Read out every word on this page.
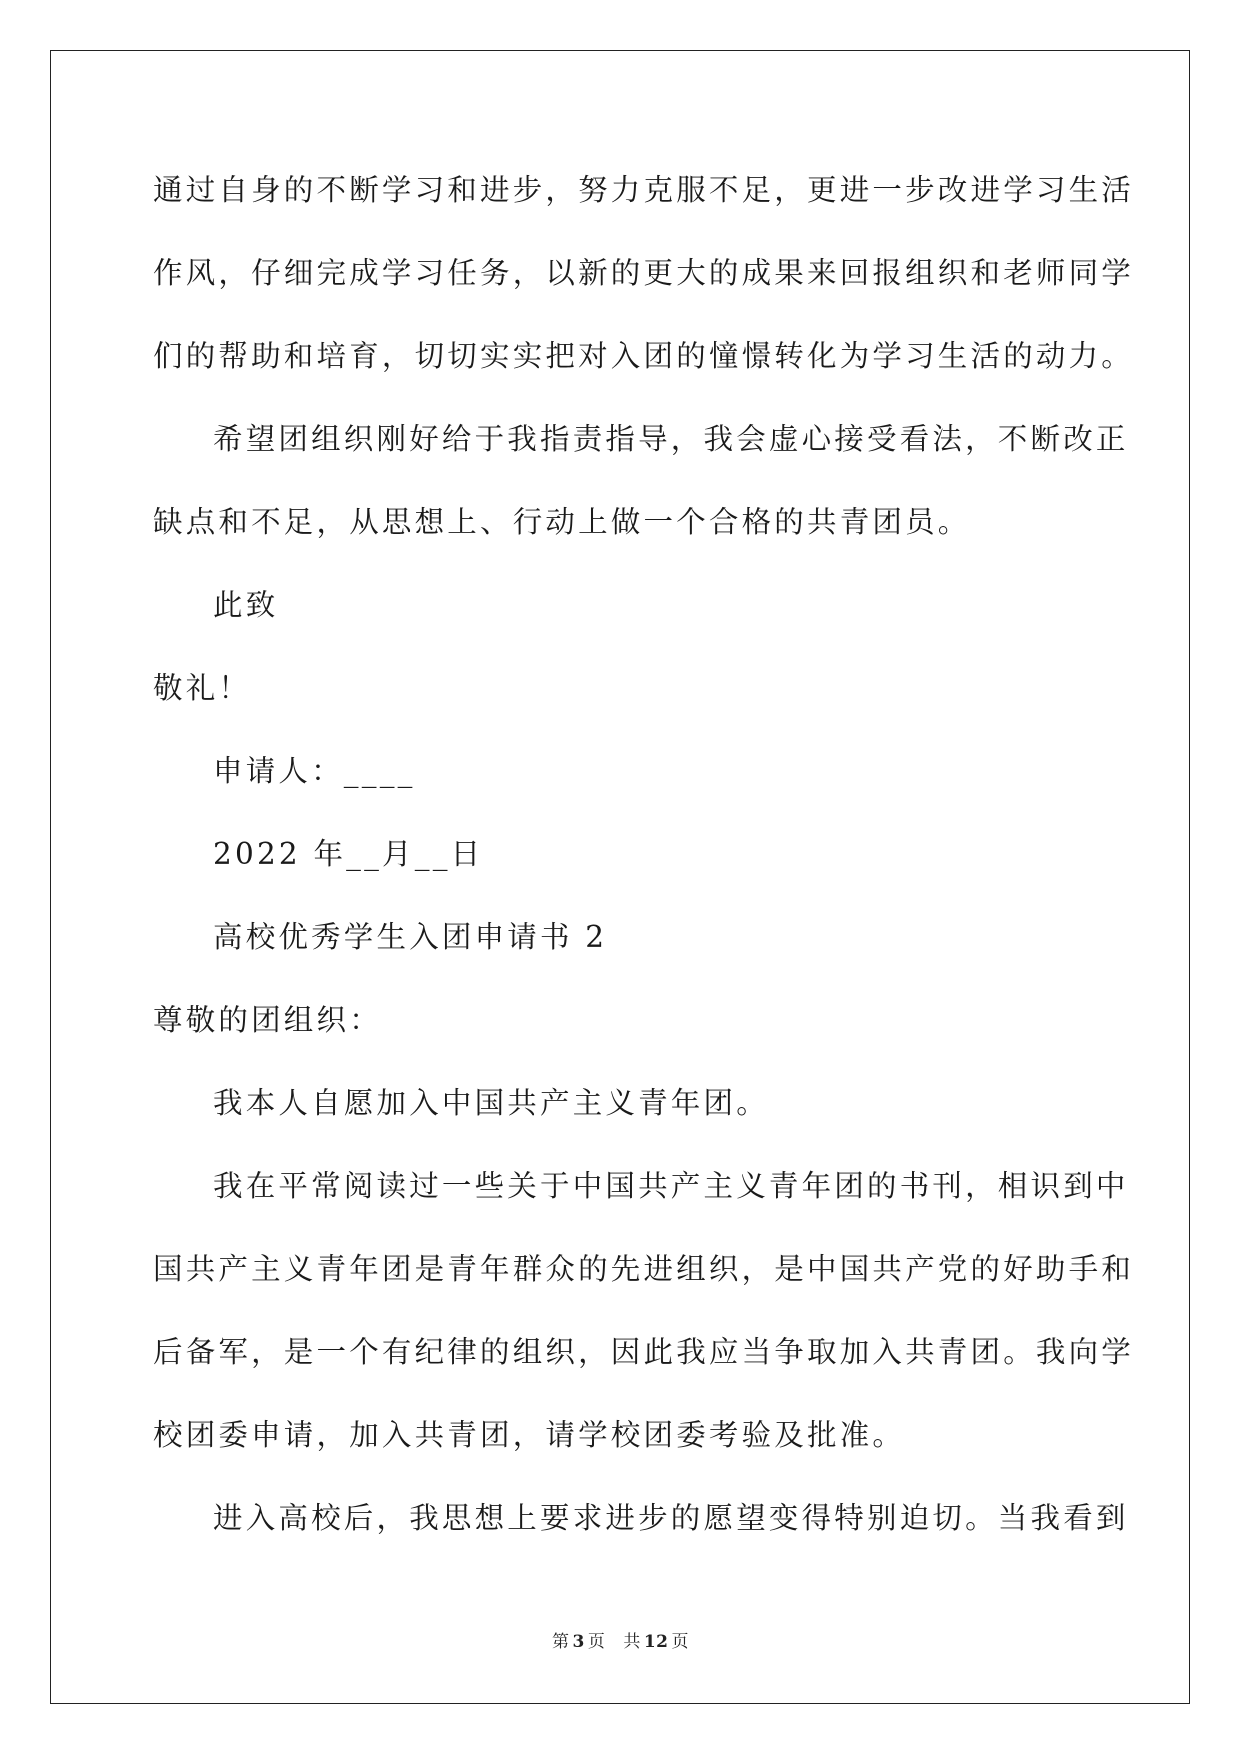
通过自身的不断学习和进步，努力克服不足，更进一步改进学习生活
作风，仔细完成学习任务，以新的更大的成果来回报组织和老师同学
们的帮助和培育，切切实实把对入团的憧憬转化为学习生活的动力。
希望团组织刚好给于我指责指导，我会虚心接受看法，不断改正
缺点和不足，从思想上、行动上做一个合格的共青团员。
此致
敬礼！
申请人：____
2022 年__月__日
高校优秀学生入团申请书 2
尊敬的团组织：
我本人自愿加入中国共产主义青年团。
我在平常阅读过一些关于中国共产主义青年团的书刊，相识到中
国共产主义青年团是青年群众的先进组织，是中国共产党的好助手和
后备军，是一个有纪律的组织，因此我应当争取加入共青团。我向学
校团委申请，加入共青团，请学校团委考验及批准。
进入高校后，我思想上要求进步的愿望变得特别迫切。当我看到
第 3 页 共 12 页
